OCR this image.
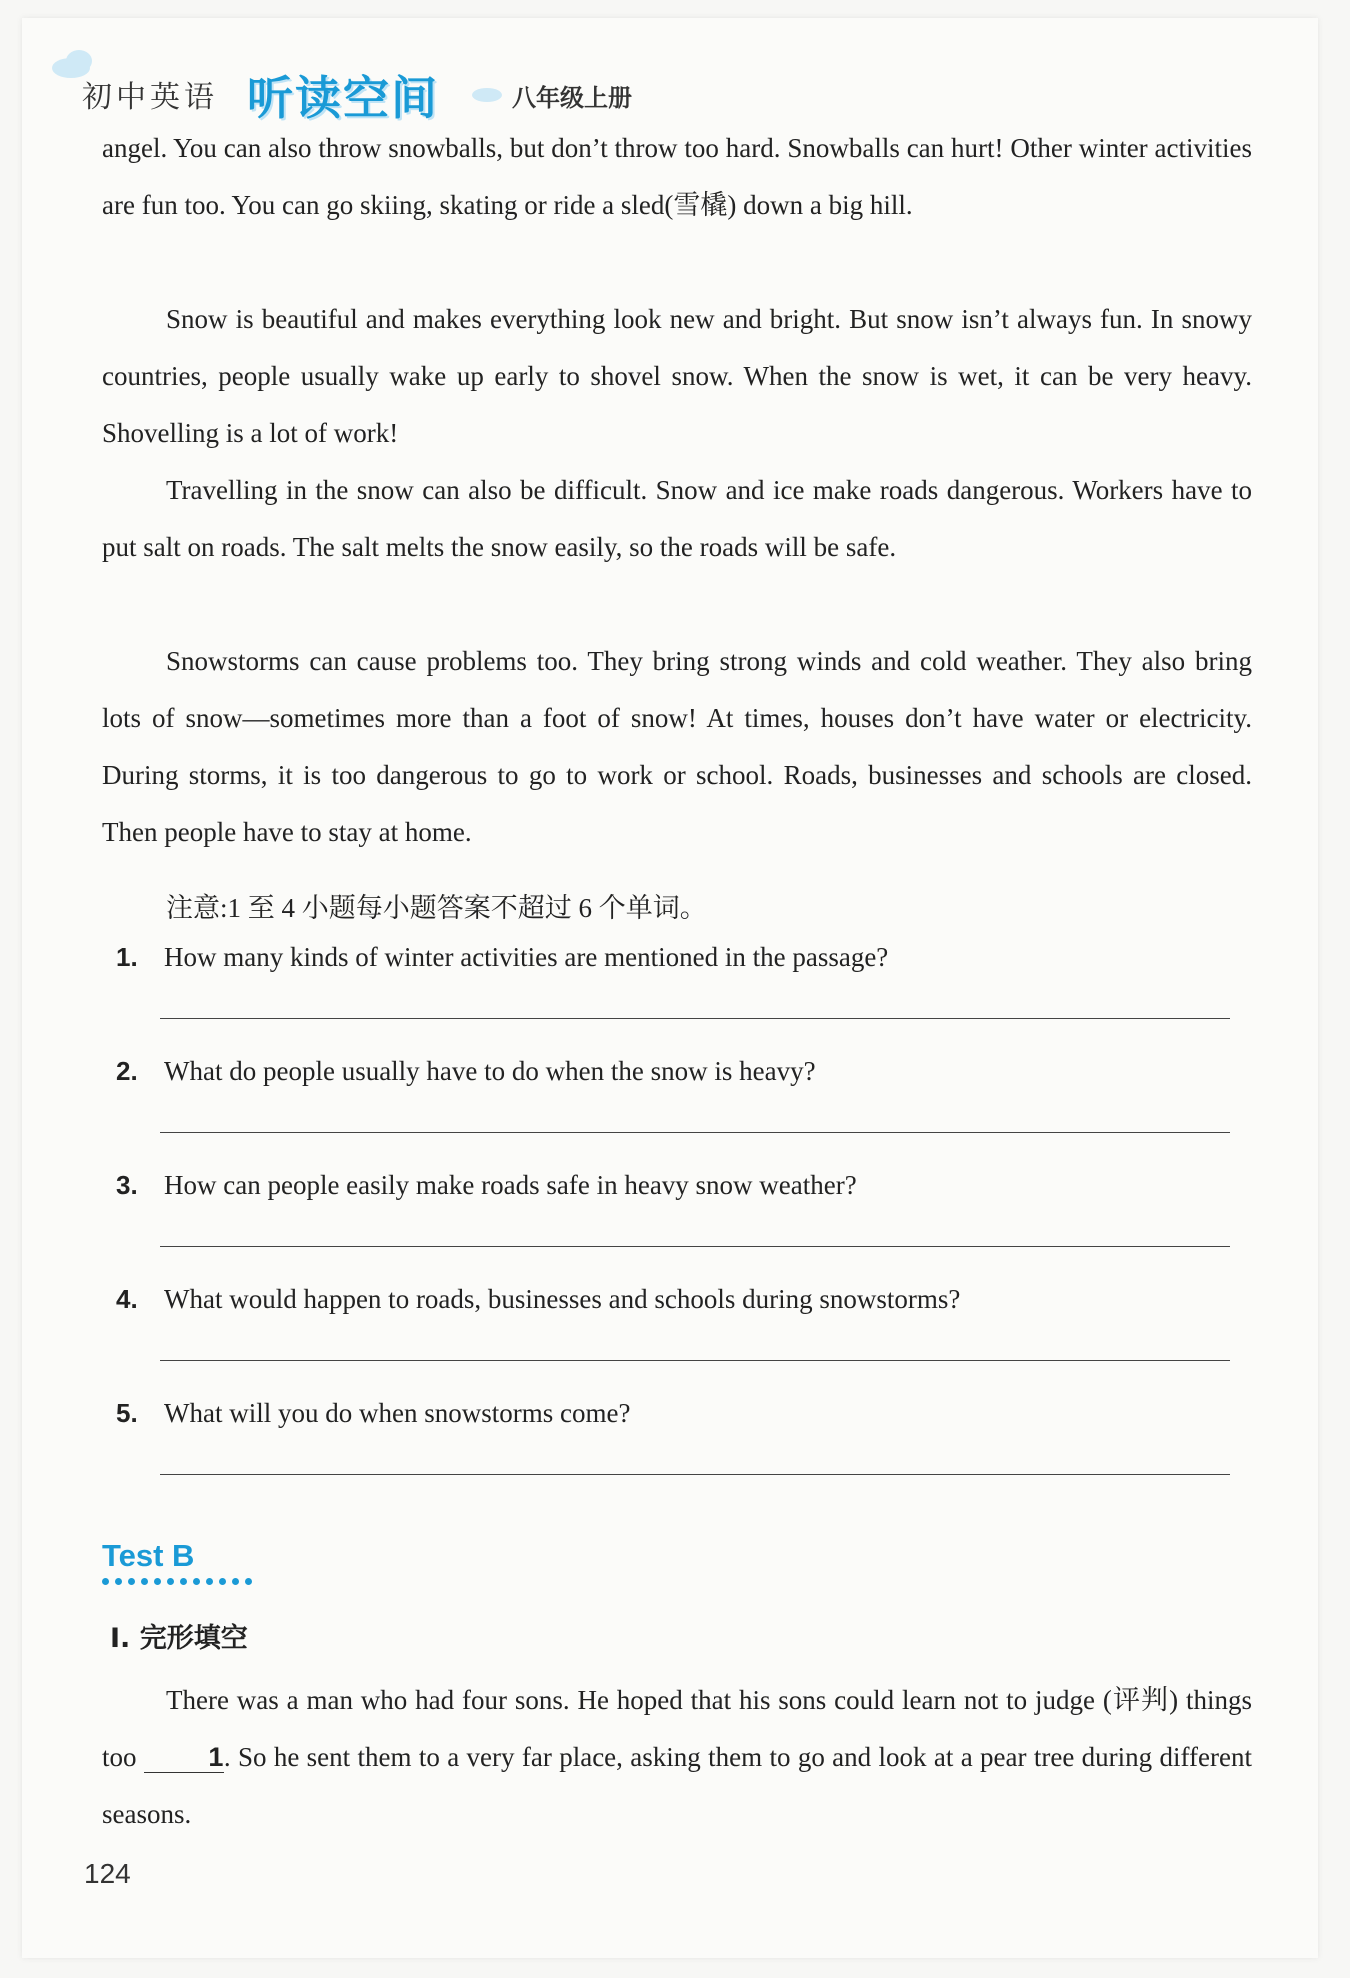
初中英语 听读空间	八年级上册

angel. You can also throw snowballs, but don’t throw too hard. Snowballs can hurt! Other winter activities are fun too. You can go skiing, skating or ride a sled(雪橇) down a big hill.

Snow is beautiful and makes everything look new and bright. But snow isn’t always fun. In snowy countries, people usually wake up early to shovel snow. When the snow is wet, it can be very heavy. Shovelling is a lot of work!

Travelling in the snow can also be difficult. Snow and ice make roads dangerous. Workers have to put salt on roads. The salt melts the snow easily, so the roads will be safe.

Snowstorms can cause problems too. They bring strong winds and cold weather. They also bring lots of snow—sometimes more than a foot of snow! At times, houses don’t have water or electricity. During storms, it is too dangerous to go to work or school. Roads, businesses and schools are closed. Then people have to stay at home.

注意:1 至 4 小题每小题答案不超过 6 个单词。
1. How many kinds of winter activities are mentioned in the passage?
2. What do people usually have to do when the snow is heavy?
3. How can people easily make roads safe in heavy snow weather?
4. What would happen to roads, businesses and schools during snowstorms?
5. What will you do when snowstorms come?
Test B
Ⅰ. 完形填空

There was a man who had four sons. He hoped that his sons could learn not to judge (评判) things too 1. So he sent them to a very far place, asking them to go and look at a pear tree during different seasons.

124
